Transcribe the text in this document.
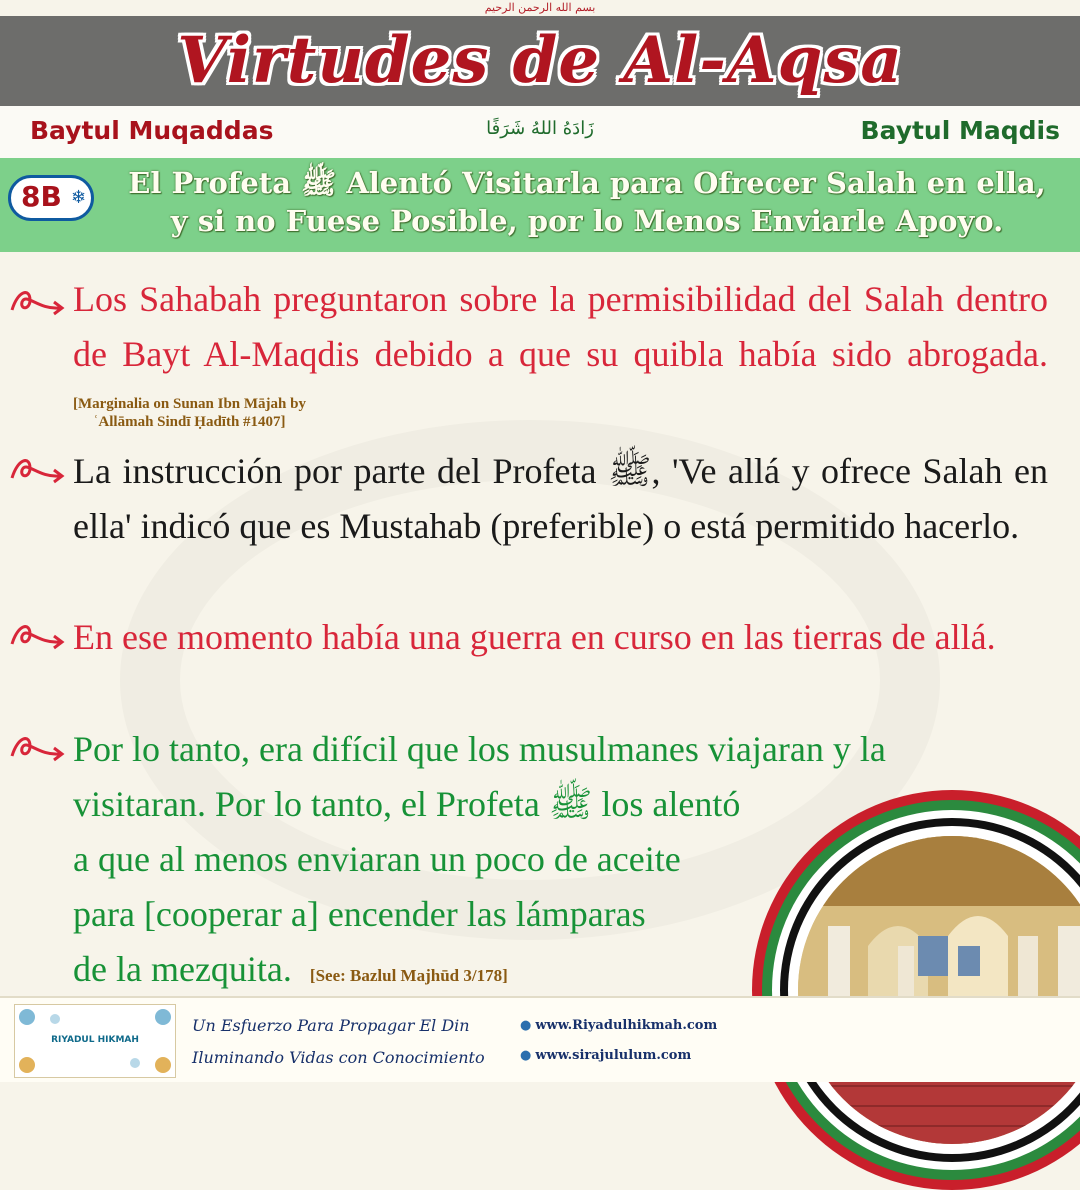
بسم الله الرحمن الرحيم
Virtudes de Al-Aqsa
Baytul Muqaddas	زَادَهُ اللهُ شَرَفًا	Baytul Maqdis
8B ❄	El Profeta ﷺ Alentó Visitarla para Ofrecer Salah en ella,
y si no Fuese Posible, por lo Menos Enviarle Apoyo.
Los Sahabah preguntaron sobre la permisibilidad del Salah dentro de Bayt Al-Maqdis debido a que su quibla había sido abrogada. [Marginalia on Sunan Ibn Mājah by
ʿAllāmah Sindī Ḥadīth #1407]
La instrucción por parte del Profeta ﷺ, 'Ve allá y ofrece Salah en ella' indicó que es Mustahab (preferible) o está permitido hacerlo.
En ese momento había una guerra en curso en las tierras de allá.
Por lo tanto, era difícil que los musulmanes viajaran y la
visitaran. Por lo tanto, el Profeta ﷺ los alentó
a que al menos enviaran un poco de aceite
para [cooperar a] encender las lámparas
de la mezquita. [See: Bazlul Majhūd 3/178]
RIYADUL HIKMAH
Un Esfuerzo Para Propagar El Din
Iluminando Vidas con Conocimiento
● www.Riyadulhikmah.com
● www.sirajululum.com
